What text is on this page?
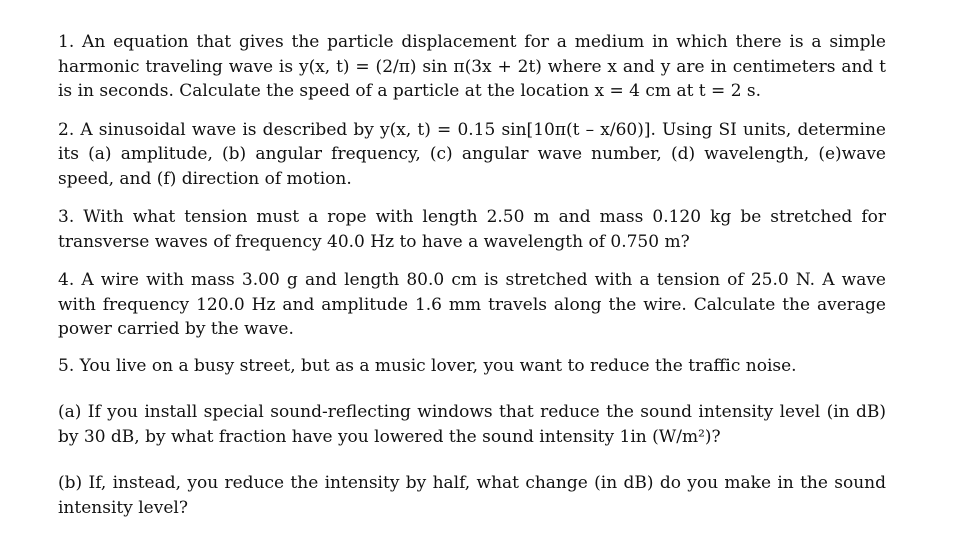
1. An equation that gives the particle displacement for a medium in which there is a simple harmonic traveling wave is y(x, t) = (2/π) sin π(3x + 2t) where x and y are in centimeters and t is in seconds. Calculate the speed of a particle at the location x = 4 cm at t = 2 s.

2. A sinusoidal wave is described by y(x, t) = 0.15 sin[10π(t – x/60)]. Using SI units, determine its (a) amplitude, (b) angular frequency, (c) angular wave number, (d) wavelength, (e)wave speed, and (f) direction of motion.

3. With what tension must a rope with length 2.50 m and mass 0.120 kg be stretched for transverse waves of frequency 40.0 Hz to have a wavelength of 0.750 m?

4. A wire with mass 3.00 g and length 80.0 cm is stretched with a tension of 25.0 N. A wave with frequency 120.0 Hz and amplitude 1.6 mm travels along the wire. Calculate the average power carried by the wave.

5. You live on a busy street, but as a music lover, you want to reduce the traffic noise.

(a) If you install special sound-reflecting windows that reduce the sound intensity level (in dB) by 30 dB, by what fraction have you lowered the sound intensity 1in (W/m²)?

(b) If, instead, you reduce the intensity by half, what change (in dB) do you make in the sound intensity level?
